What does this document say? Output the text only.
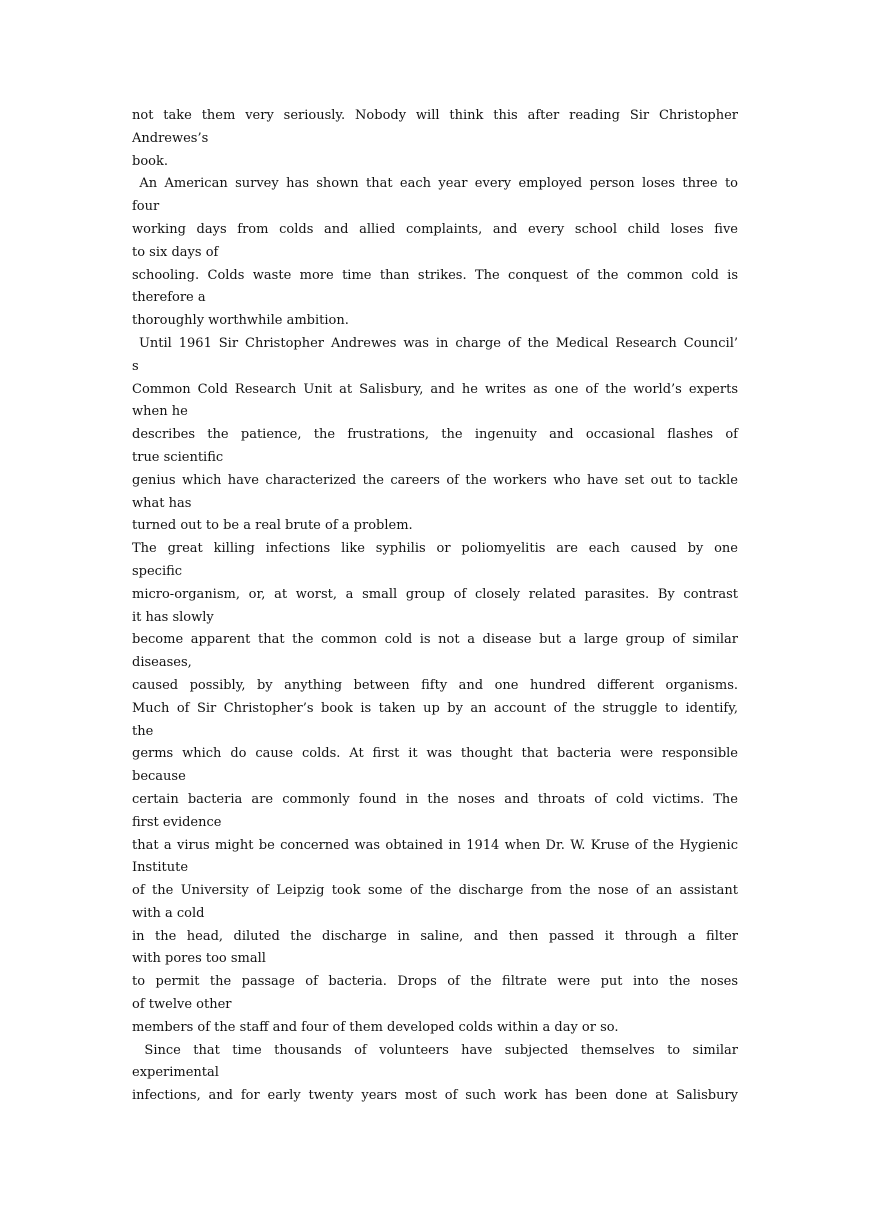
not take them very seriously. Nobody will think this after reading Sir Christopher
Andrewes’s
book.
An American survey has shown that each year every employed person loses three to
four
working days from colds and allied complaints, and every school child loses five
to six days of
schooling. Colds waste more time than strikes. The conquest of the common cold is
therefore a
thoroughly worthwhile ambition.
Until 1961 Sir Christopher Andrewes was in charge of the Medical Research Council’
s
Common Cold Research Unit at Salisbury, and he writes as one of the world’s experts
when he
describes the patience, the frustrations, the ingenuity and occasional flashes of
true scientific
genius which have characterized the careers of the workers who have set out to tackle
what has
turned out to be a real brute of a problem.
The great killing infections like syphilis or poliomyelitis are each caused by one
specific
micro-organism, or, at worst, a small group of closely related parasites. By contrast
it has slowly
become apparent that the common cold is not a disease but a large group of similar
diseases,
caused possibly, by anything between fifty and one hundred different organisms.
Much of Sir Christopher’s book is taken up by an account of the struggle to identify,
the
germs which do cause colds. At first it was thought that bacteria were responsible
because
certain bacteria are commonly found in the noses and throats of cold victims. The
first evidence
that a virus might be concerned was obtained in 1914 when Dr. W. Kruse of the Hygienic
Institute
of the University of Leipzig took some of the discharge from the nose of an assistant
with a cold
in the head, diluted the discharge in saline, and then passed it through a filter
with pores too small
to permit the passage of bacteria. Drops of the filtrate were put into the noses
of twelve other
members of the staff and four of them developed colds within a day or so.
Since that time thousands of volunteers have subjected themselves to similar
experimental
infections, and for early twenty years most of such work has been done at Salisbury
